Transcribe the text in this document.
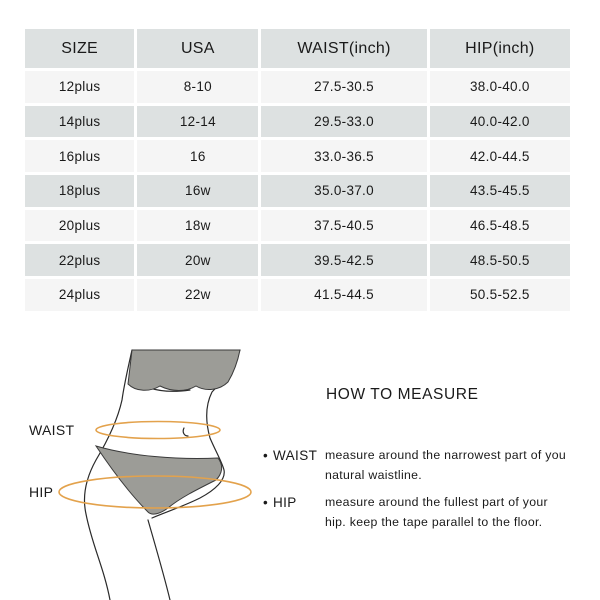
SIZE	USA	WAIST(inch)	HIP(inch)
12plus	8-10	27.5-30.5	38.0-40.0
14plus	12-14	29.5-33.0	40.0-42.0
16plus	16	33.0-36.5	42.0-44.5
18plus	16w	35.0-37.0	43.5-45.5
20plus	18w	37.5-40.5	46.5-48.5
22plus	20w	39.5-42.5	48.5-50.5
24plus	22w	41.5-44.5	50.5-52.5
WAIST
HIP
HOW TO MEASURE
• WAIST measure around the narrowest part of you
natural waistline.
• HIP measure around the fullest part of your
hip. keep the tape parallel to the floor.
